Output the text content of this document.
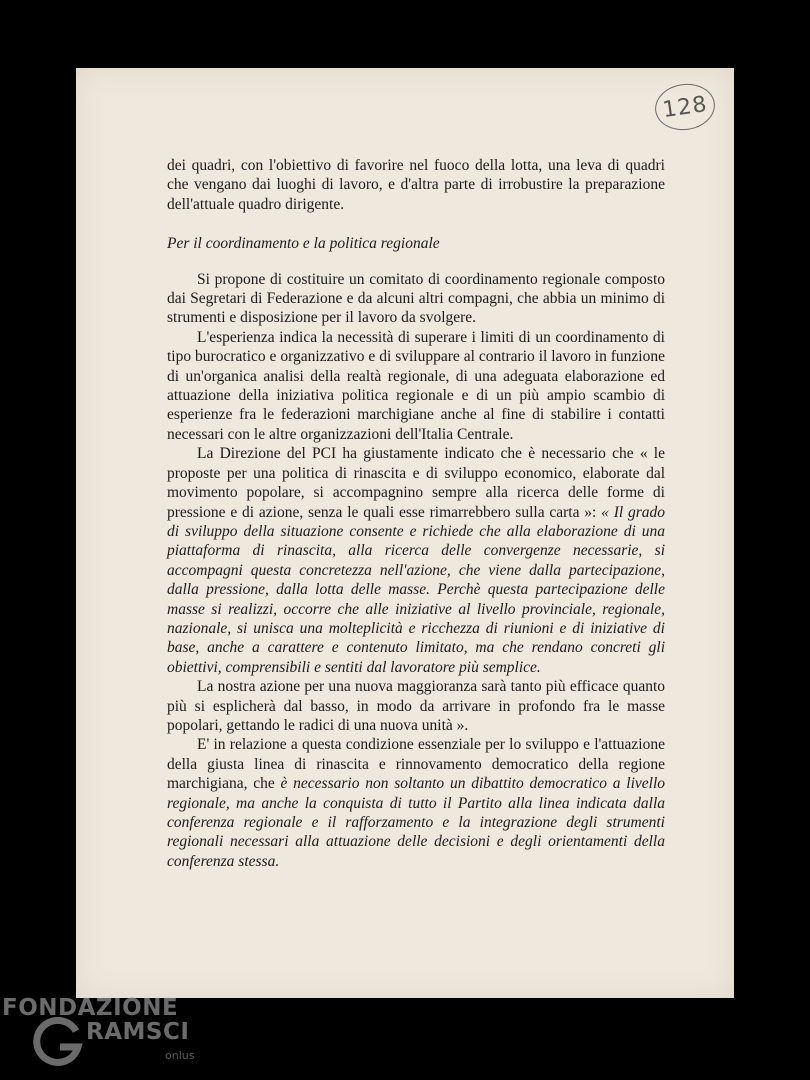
128

dei quadri, con l'obiettivo di favorire nel fuoco della lotta, una leva di quadri che vengano dai luoghi di lavoro, e d'altra parte di irrobustire la preparazione dell'attuale quadro dirigente.

Per il coordinamento e la politica regionale

Si propone di costituire un comitato di coordinamento regionale composto dai Segretari di Federazione e da alcuni altri compagni, che abbia un minimo di strumenti e disposizione per il lavoro da svolgere.

L'esperienza indica la necessità di superare i limiti di un coordinamento di tipo burocratico e organizzativo e di sviluppare al contrario il lavoro in funzione di un'organica analisi della realtà regionale, di una adeguata elaborazione ed attuazione della iniziativa politica regionale e di un più ampio scambio di esperienze fra le federazioni marchigiane anche al fine di stabilire i contatti necessari con le altre organizzazioni dell'Italia Centrale.

La Direzione del PCI ha giustamente indicato che è necessario che « le proposte per una politica di rinascita e di sviluppo economico, elaborate dal movimento popolare, si accompagnino sempre alla ricerca delle forme di pressione e di azione, senza le quali esse rimarrebbero sulla carta »: « Il grado di sviluppo della situazione consente e richiede che alla elaborazione di una piattaforma di rinascita, alla ricerca delle convergenze necessarie, si accompagni questa concretezza nell'azione, che viene dalla partecipazione, dalla pressione, dalla lotta delle masse. Perchè questa partecipazione delle masse si realizzi, occorre che alle iniziative al livello provinciale, regionale, nazionale, si unisca una molteplicità e ricchezza di riunioni e di iniziative di base, anche a carattere e contenuto limitato, ma che rendano concreti gli obiettivi, comprensibili e sentiti dal lavoratore più semplice.

La nostra azione per una nuova maggioranza sarà tanto più efficace quanto più si esplicherà dal basso, in modo da arrivare in profondo fra le masse popolari, gettando le radici di una nuova unità ».

E' in relazione a questa condizione essenziale per lo sviluppo e l'attuazione della giusta linea di rinascita e rinnovamento democratico della regione marchigiana, che è necessario non soltanto un dibattito democratico a livello regionale, ma anche la conquista di tutto il Partito alla linea indicata dalla conferenza regionale e il rafforzamento e la integrazione degli strumenti regionali necessari alla attuazione delle decisioni e degli orientamenti della conferenza stessa.

FONDAZIONE
RAMSCI
onlus
